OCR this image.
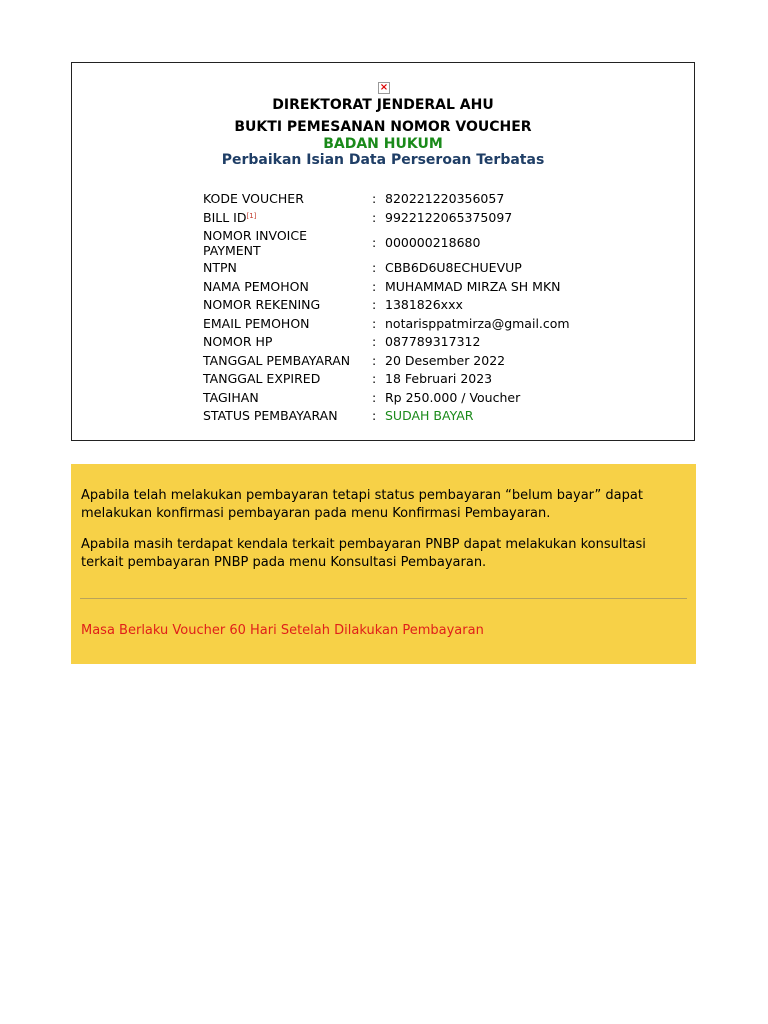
×
DIREKTORAT JENDERAL AHU
BUKTI PEMESANAN NOMOR VOUCHER
BADAN HUKUM
Perbaikan Isian Data Perseroan Terbatas
KODE VOUCHER	: 820221220356057
BILL ID[1]	: 9922122065375097
NOMOR INVOICE PAYMENT	: 000000218680
NTPN	: CBB6D6U8ECHUEVUP
NAMA PEMOHON	: MUHAMMAD MIRZA SH MKN
NOMOR REKENING	: 1381826xxx
EMAIL PEMOHON	: notarisppatmirza@gmail.com
NOMOR HP	: 087789317312
TANGGAL PEMBAYARAN	: 20 Desember 2022
TANGGAL EXPIRED	: 18 Februari 2023
TAGIHAN	: Rp 250.000 / Voucher
STATUS PEMBAYARAN	: SUDAH BAYAR

Apabila telah melakukan pembayaran tetapi status pembayaran “belum bayar” dapat melakukan konfirmasi pembayaran pada menu Konfirmasi Pembayaran.

Apabila masih terdapat kendala terkait pembayaran PNBP dapat melakukan konsultasi terkait pembayaran PNBP pada menu Konsultasi Pembayaran.

Masa Berlaku Voucher 60 Hari Setelah Dilakukan Pembayaran
